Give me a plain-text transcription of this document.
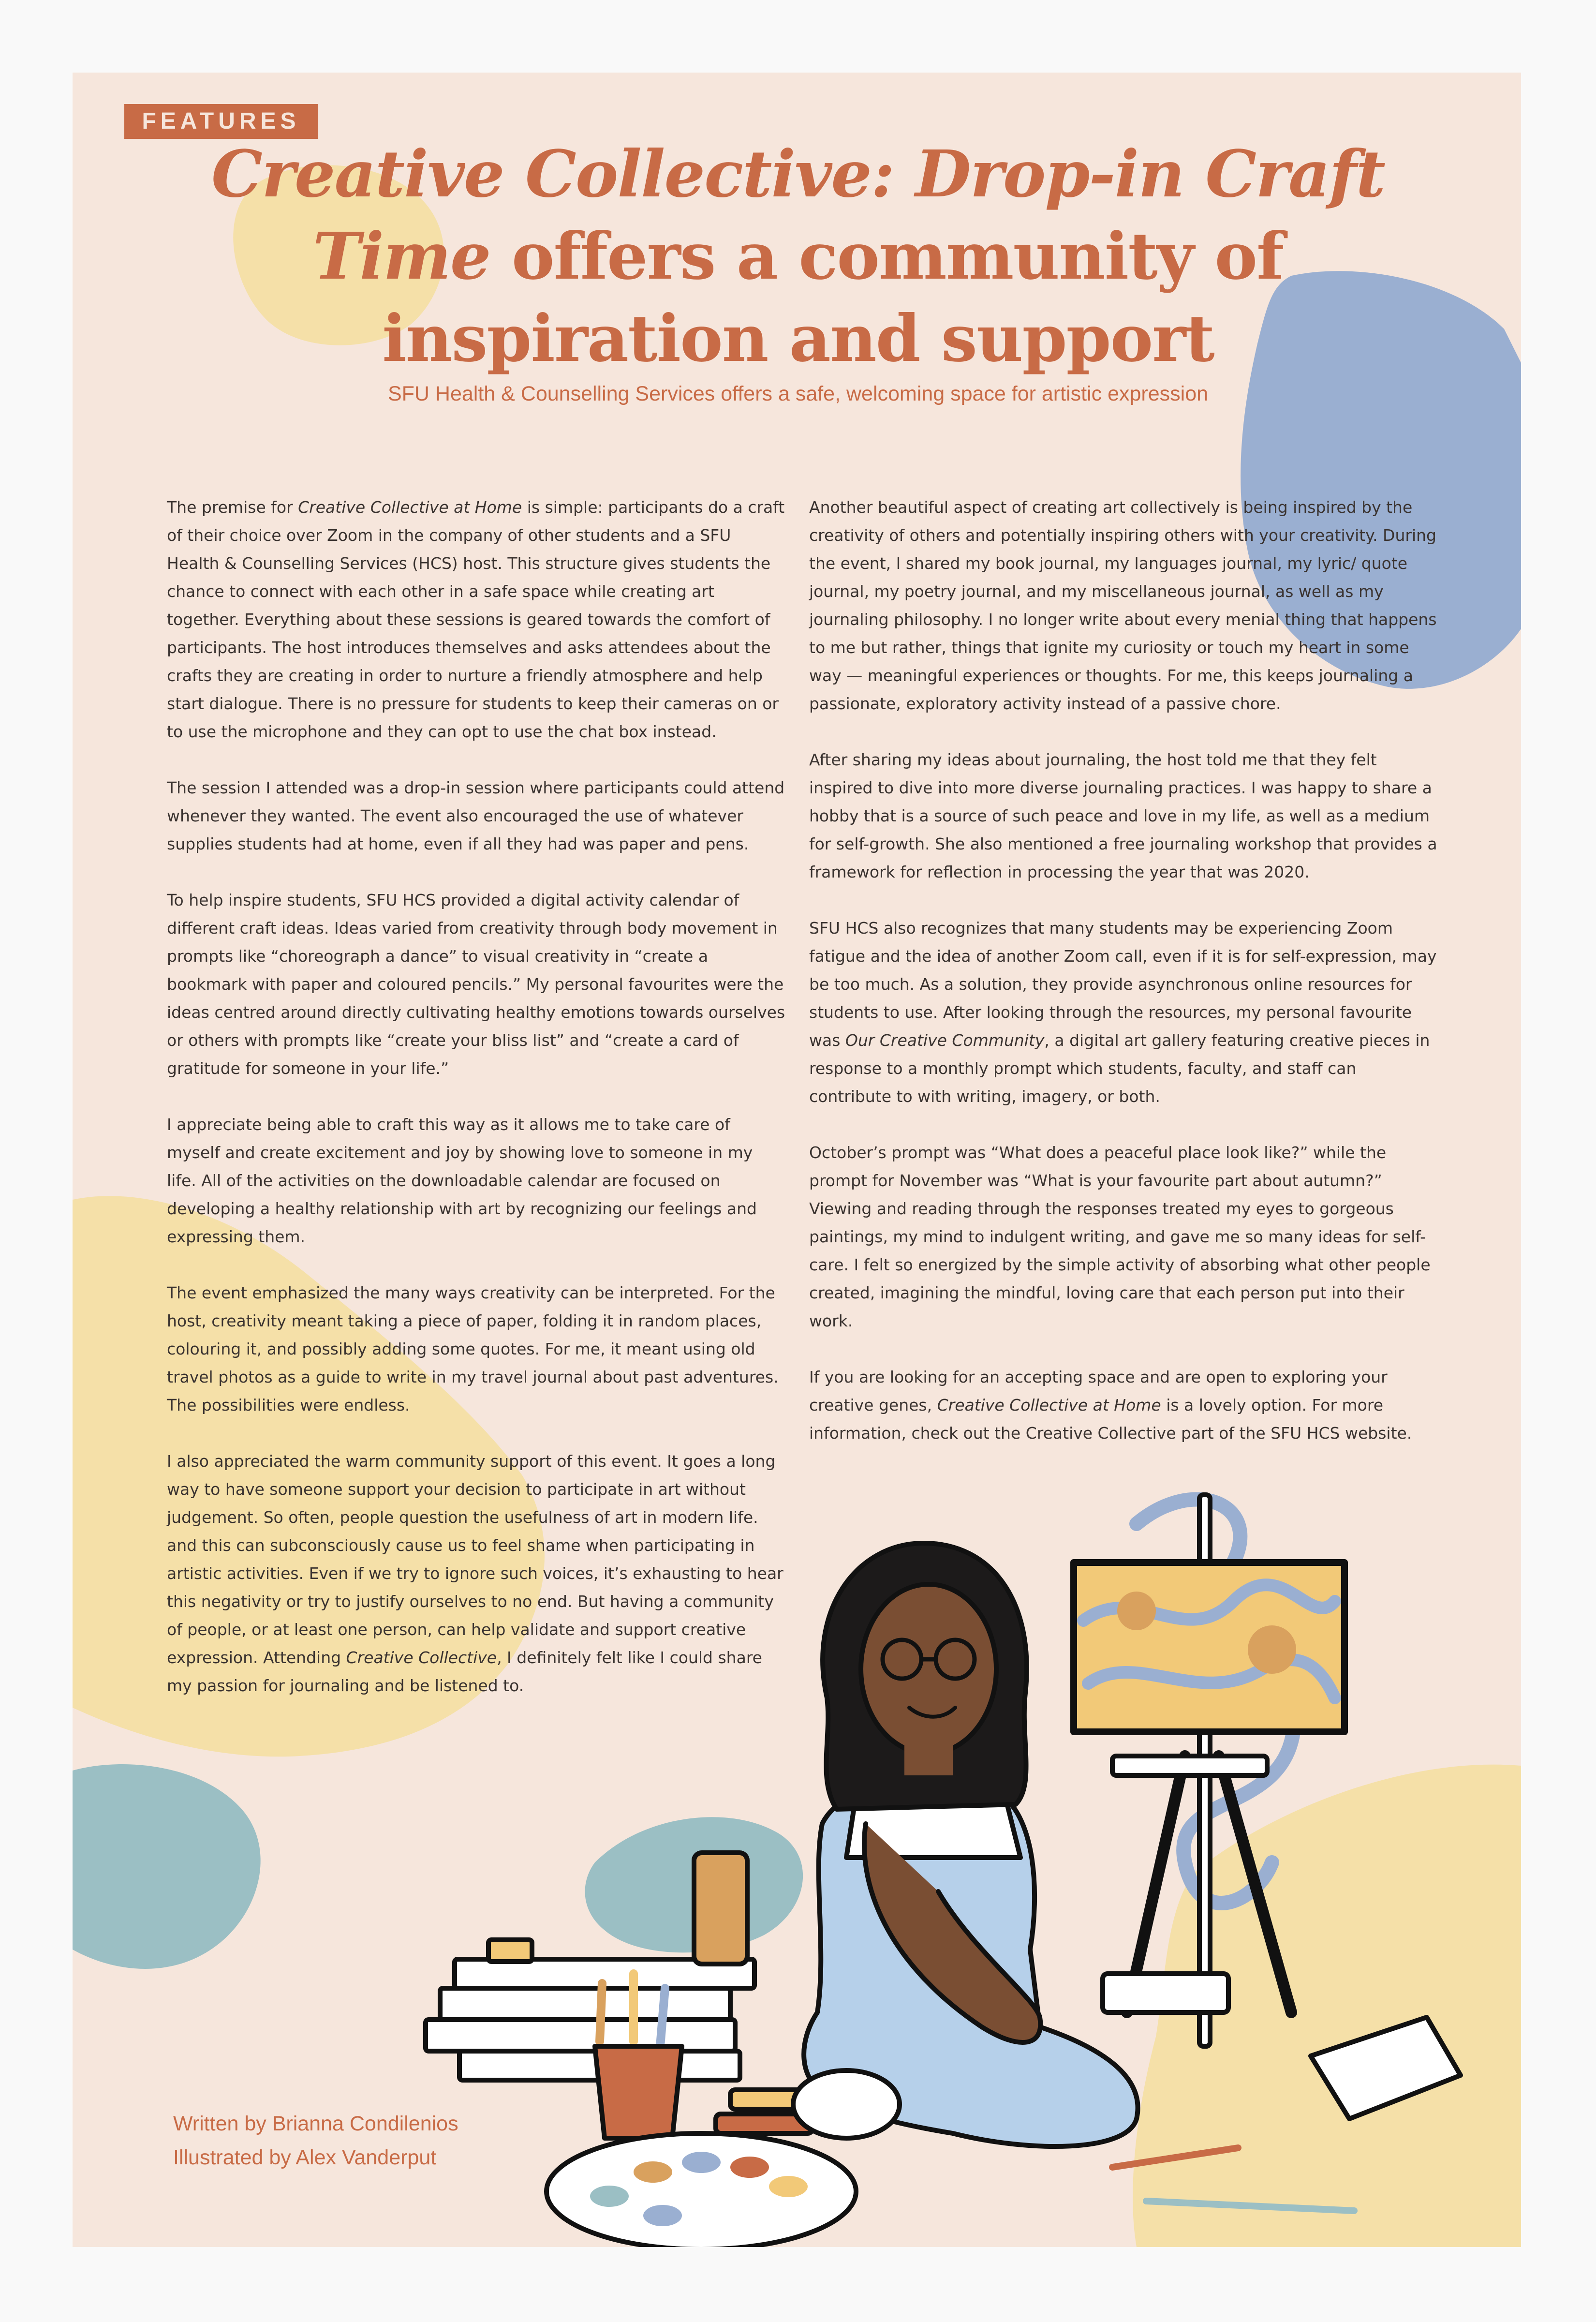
FEATURES
Creative Collective: Drop-in Craft Time offers a community of inspiration and support

SFU Health & Counselling Services offers a safe, welcoming space for artistic expression

The premise for Creative Collective at Home is simple: participants do a craft of their choice over Zoom in the company of other students and a SFU Health & Counselling Services (HCS) host. This structure gives students the chance to connect with each other in a safe space while creating art together. Everything about these sessions is geared towards the comfort of participants. The host introduces themselves and asks attendees about the crafts they are creating in order to nurture a friendly atmosphere and help start dialogue. There is no pressure for students to keep their cameras on or to use the microphone and they can opt to use the chat box instead.

The session I attended was a drop-in session where participants could attend whenever they wanted. The event also encouraged the use of whatever supplies students had at home, even if all they had was paper and pens.

To help inspire students, SFU HCS provided a digital activity calendar of different craft ideas. Ideas varied from creativity through body movement in prompts like “choreograph a dance” to visual creativity in “create a bookmark with paper and coloured pencils.” My personal favourites were the ideas centred around directly cultivating healthy emotions towards ourselves or others with prompts like “create your bliss list” and “create a card of gratitude for someone in your life.”

I appreciate being able to craft this way as it allows me to take care of myself and create excitement and joy by showing love to someone in my life. All of the activities on the downloadable calendar are focused on developing a healthy relationship with art by recognizing our feelings and expressing them.

The event emphasized the many ways creativity can be interpreted. For the host, creativity meant taking a piece of paper, folding it in random places, colouring it, and possibly adding some quotes. For me, it meant using old travel photos as a guide to write in my travel journal about past adventures. The possibilities were endless.

I also appreciated the warm community support of this event. It goes a long way to have someone support your decision to participate in art without judgement. So often, people question the usefulness of art in modern life. and this can subconsciously cause us to feel shame when participating in artistic activities. Even if we try to ignore such voices, it’s exhausting to hear this negativity or try to justify ourselves to no end. But having a community of people, or at least one person, can help validate and support creative expression. Attending Creative Collective, I definitely felt like I could share my passion for journaling and be listened to.

Another beautiful aspect of creating art collectively is being inspired by the creativity of others and potentially inspiring others with your creativity. During the event, I shared my book journal, my languages journal, my lyric/ quote journal, my poetry journal, and my miscellaneous journal, as well as my journaling philosophy. I no longer write about every menial thing that happens to me but rather, things that ignite my curiosity or touch my heart in some way — meaningful experiences or thoughts. For me, this keeps journaling a passionate, exploratory activity instead of a passive chore.

After sharing my ideas about journaling, the host told me that they felt inspired to dive into more diverse journaling practices. I was happy to share a hobby that is a source of such peace and love in my life, as well as a medium for self-growth. She also mentioned a free journaling workshop that provides a framework for reflection in processing the year that was 2020.

SFU HCS also recognizes that many students may be experiencing Zoom fatigue and the idea of another Zoom call, even if it is for self-expression, may be too much. As a solution, they provide asynchronous online resources for students to use. After looking through the resources, my personal favourite was Our Creative Community, a digital art gallery featuring creative pieces in response to a monthly prompt which students, faculty, and staff can contribute to with writing, imagery, or both.

October’s prompt was “What does a peaceful place look like?” while the prompt for November was “What is your favourite part about autumn?” Viewing and reading through the responses treated my eyes to gorgeous paintings, my mind to indulgent writing, and gave me so many ideas for self-care. I felt so energized by the simple activity of absorbing what other people created, imagining the mindful, loving care that each person put into their work.

If you are looking for an accepting space and are open to exploring your creative genes, Creative Collective at Home is a lovely option. For more information, check out the Creative Collective part of the SFU HCS website.

Written by Brianna Condilenios
Illustrated by Alex Vanderput
